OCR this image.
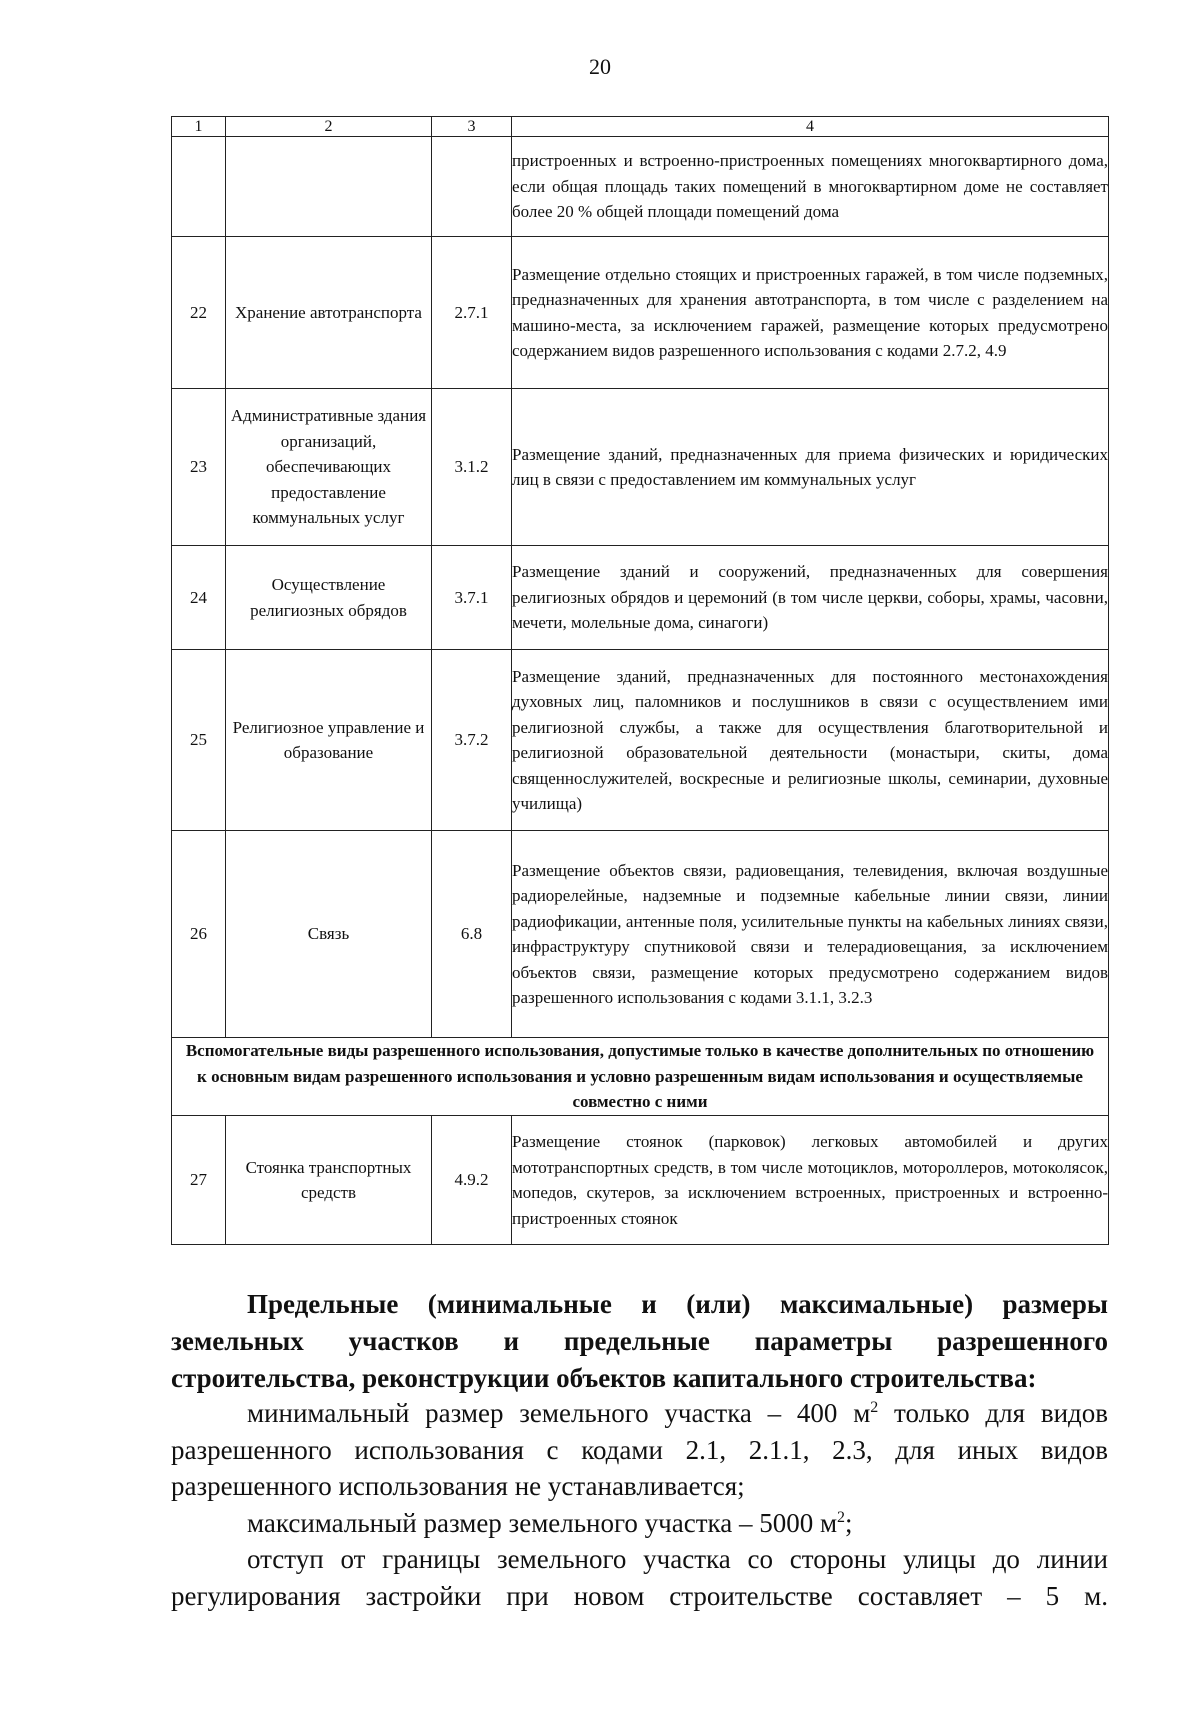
20
1	2	3	4
			пристроенных и встроенно-пристроенных помещениях многоквартирного дома, если общая площадь таких помещений в многоквартирном доме не составляет более 20 % общей площади помещений дома
22	Хранение автотранспорта	2.7.1	Размещение отдельно стоящих и пристроенных гаражей, в том числе подземных, предназначенных для хранения автотранспорта, в том числе с разделением на машино-места, за исключением гаражей, размещение которых предусмотрено содержанием видов разрешенного использования с кодами 2.7.2, 4.9
23	Административные здания организаций, обеспечивающих предоставление коммунальных услуг	3.1.2	Размещение зданий, предназначенных для приема физических и юридических лиц в связи с предоставлением им коммунальных услуг
24	Осуществление религиозных обрядов	3.7.1	Размещение зданий и сооружений, предназначенных для совершения религиозных обрядов и церемоний (в том числе церкви, соборы, храмы, часовни, мечети, молельные дома, синагоги)
25	Религиозное управление и образование	3.7.2	Размещение зданий, предназначенных для постоянного местонахождения духовных лиц, паломников и послушников в связи с осуществлением ими религиозной службы, а также для осуществления благотворительной и религиозной образовательной деятельности (монастыри, скиты, дома священнослужителей, воскресные и религиозные школы, семинарии, духовные училища)
26	Связь	6.8	Размещение объектов связи, радиовещания, телевидения, включая воздушные радиорелейные, надземные и подземные кабельные линии связи, линии радиофикации, антенные поля, усилительные пункты на кабельных линиях связи, инфраструктуру спутниковой связи и телерадиовещания, за исключением объектов связи, размещение которых предусмотрено содержанием видов разрешенного использования с кодами 3.1.1, 3.2.3
Вспомогательные виды разрешенного использования, допустимые только в качестве дополнительных по отношению к основным видам разрешенного использования и условно разрешенным видам использования и осуществляемые совместно с ними			
27	Стоянка транспортных средств	4.9.2	Размещение стоянок (парковок) легковых автомобилей и других мототранспортных средств, в том числе мотоциклов, мотороллеров, мотоколясок, мопедов, скутеров, за исключением встроенных, пристроенных и встроенно-пристроенных стоянок
Предельные (минимальные и (или) максимальные) размеры
земельных участков и предельные параметры разрешенного
строительства, реконструкции объектов капитального строительства:

минимальный размер земельного участка – 400 $м^2$ только для видов разрешенного использования с кодами 2.1, 2.1.1, 2.3, для иных видов разрешенного использования не устанавливается;

максимальный размер земельного участка – 5000 $м^2$;

отступ от границы земельного участка со стороны улицы до линии регулирования застройки при новом строительстве составляет – 5 м.
